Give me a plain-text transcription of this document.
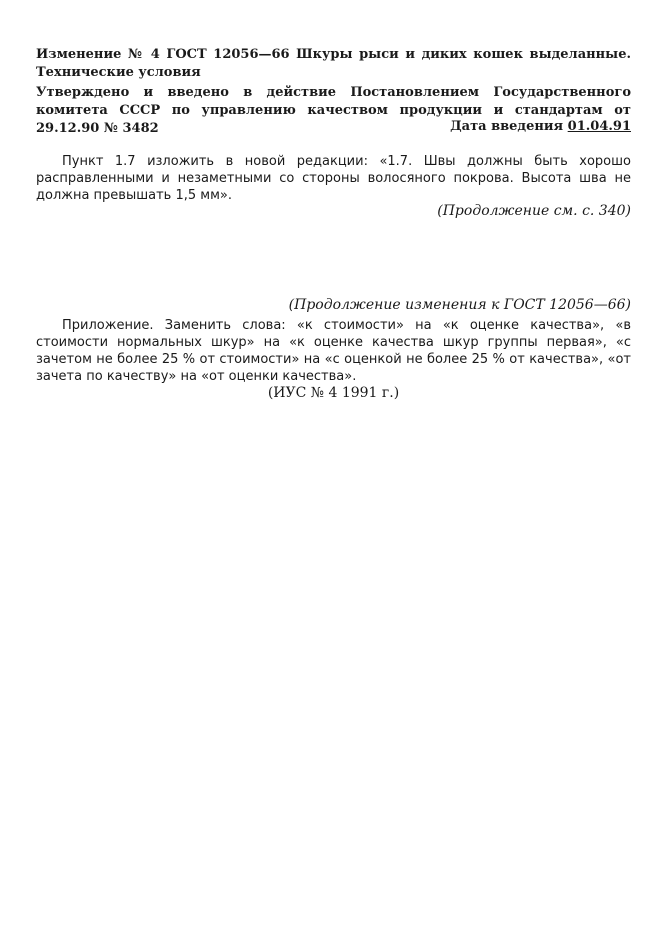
Изменение № 4 ГОСТ 12056—66 Шкуры рыси и диких кошек выделанные. Технические условия

Утверждено и введено в действие Постановлением Государственного комитета СССР по управлению качеством продукции и стандартам от 29.12.90 № 3482	Дата введения 01.04.91

Пункт 1.7 изложить в новой редакции: «1.7. Швы должны быть хорошо расправленными и незаметными со стороны волосяного покрова. Высота шва не должна превышать 1,5 мм».

(Продолжение см. с. 340)

(Продолжение изменения к ГОСТ 12056—66)

Приложение. Заменить слова: «к стоимости» на «к оценке качества», «в стоимости нормальных шкур» на «к оценке качества шкур группы первая», «с зачетом не более 25 % от стоимости» на «с оценкой не более 25 % от качества», «от зачета по качеству» на «от оценки качества».

(ИУС № 4 1991 г.)
